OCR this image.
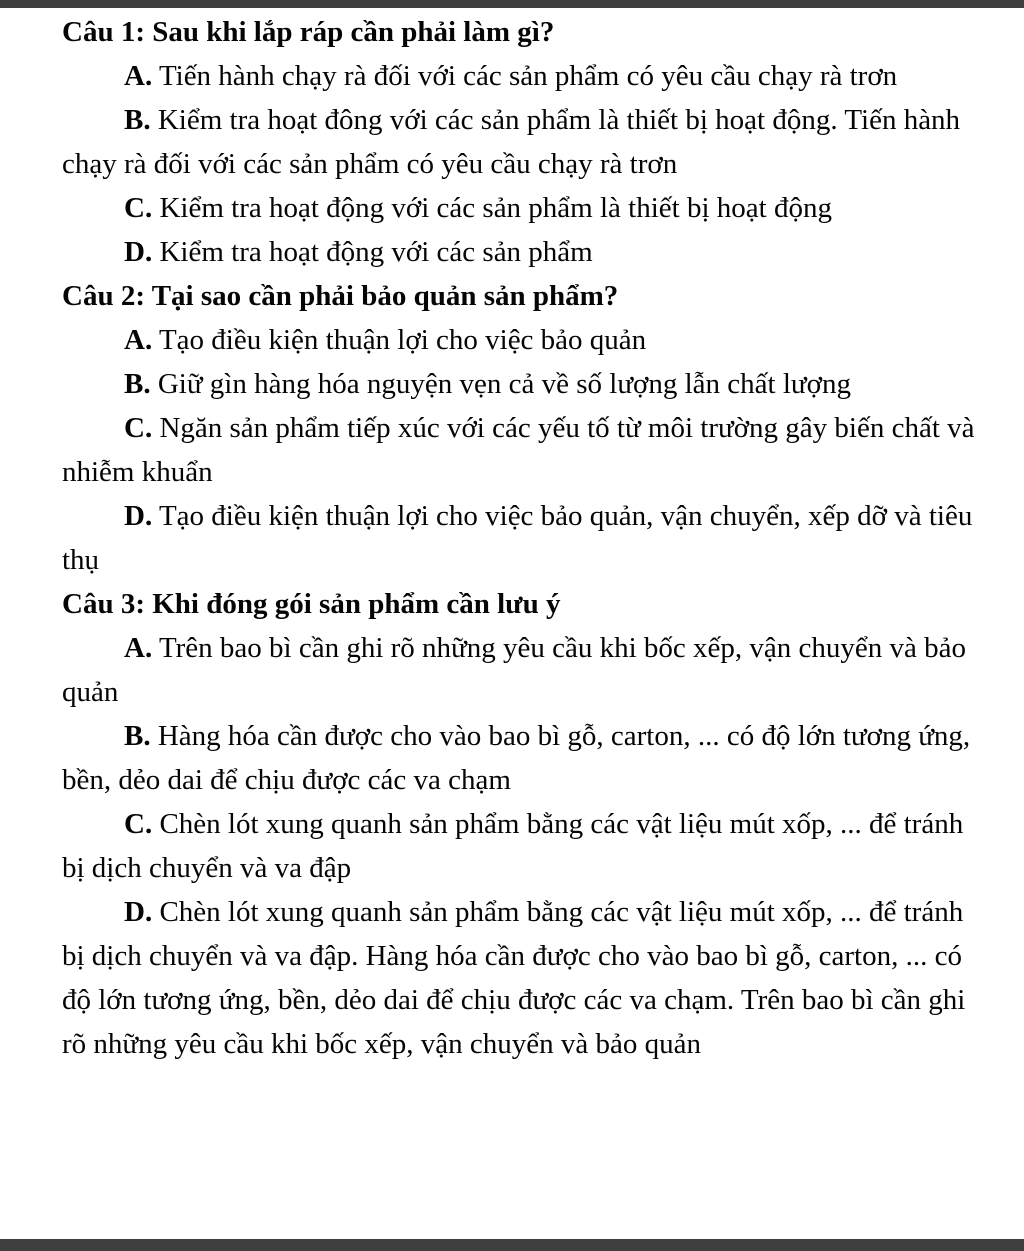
Câu 1: Sau khi lắp ráp cần phải làm gì?

A. Tiến hành chạy rà đối với các sản phẩm có yêu cầu chạy rà trơn

B. Kiểm tra hoạt đông với các sản phẩm là thiết bị hoạt động. Tiến hành chạy rà đối với các sản phẩm có yêu cầu chạy rà trơn

C. Kiểm tra hoạt động với các sản phẩm là thiết bị hoạt động

D. Kiểm tra hoạt động với các sản phẩm

Câu 2: Tại sao cần phải bảo quản sản phẩm?

A. Tạo điều kiện thuận lợi cho việc bảo quản

B. Giữ gìn hàng hóa nguyện vẹn cả về số lượng lẫn chất lượng

C. Ngăn sản phẩm tiếp xúc với các yếu tố từ môi trường gây biến chất và nhiễm khuẩn

D. Tạo điều kiện thuận lợi cho việc bảo quản, vận chuyển, xếp dỡ và tiêu thụ

Câu 3: Khi đóng gói sản phẩm cần lưu ý

A. Trên bao bì cần ghi rõ những yêu cầu khi bốc xếp, vận chuyển và bảo quản

B. Hàng hóa cần được cho vào bao bì gỗ, carton, ... có độ lớn tương ứng, bền, dẻo dai để chịu được các va chạm

C. Chèn lót xung quanh sản phẩm bằng các vật liệu mút xốp, ... để tránh bị dịch chuyển và va đập

D. Chèn lót xung quanh sản phẩm bằng các vật liệu mút xốp, ... để tránh bị dịch chuyển và va đập. Hàng hóa cần được cho vào bao bì gỗ, carton, ... có độ lớn tương ứng, bền, dẻo dai để chịu được các va chạm. Trên bao bì cần ghi rõ những yêu cầu khi bốc xếp, vận chuyển và bảo quản
